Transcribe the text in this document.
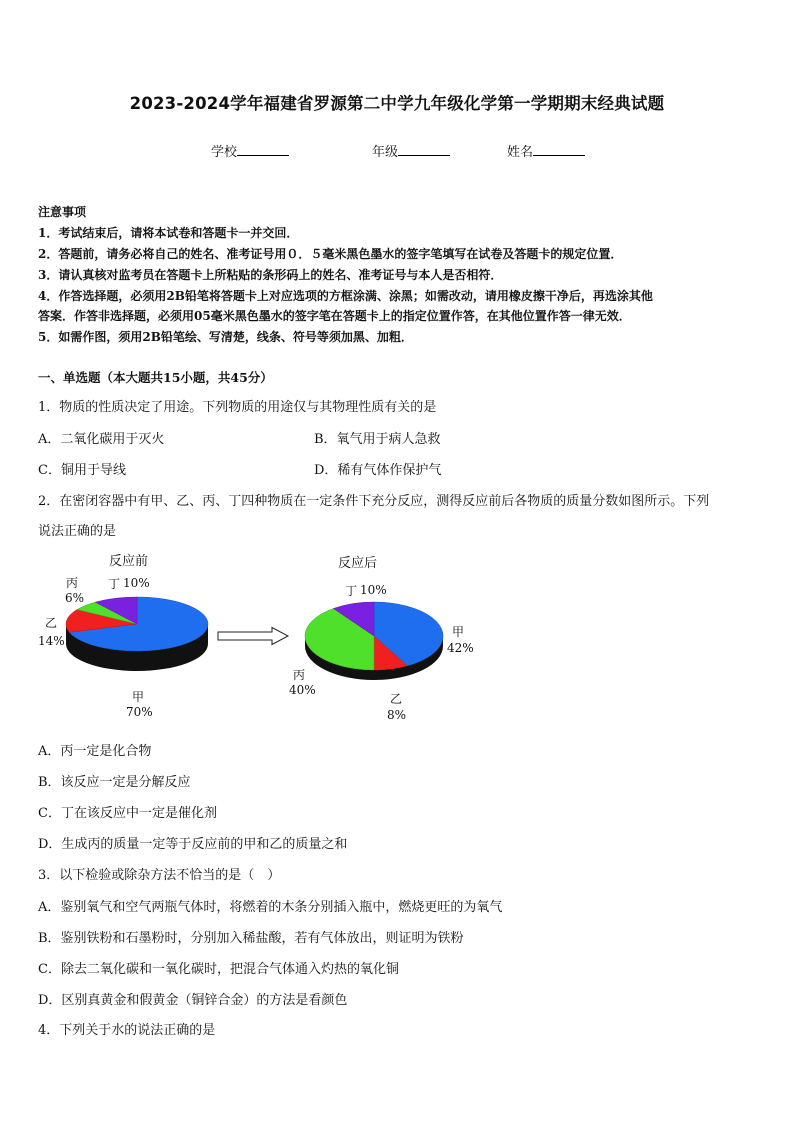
2023-2024学年福建省罗源第二中学九年级化学第一学期期末经典试题
学校	年级	姓名
注意事项
1．考试结束后，请将本试卷和答题卡一并交回．
2．答题前，请务必将自己的姓名、准考证号用０．５毫米黑色墨水的签字笔填写在试卷及答题卡的规定位置．
3．请认真核对监考员在答题卡上所粘贴的条形码上的姓名、准考证号与本人是否相符．
4．作答选择题，必须用2B铅笔将答题卡上对应选项的方框涂满、涂黑；如需改动，请用橡皮擦干净后，再选涂其他
答案．作答非选择题，必须用05毫米黑色墨水的签字笔在答题卡上的指定位置作答，在其他位置作答一律无效．
5．如需作图，须用2B铅笔绘、写清楚，线条、符号等须加黑、加粗．
一、单选题（本大题共15小题，共45分）
1．物质的性质决定了用途。下列物质的用途仅与其物理性质有关的是
A．二氧化碳用于灭火	B．氧气用于病人急救
C．铜用于导线	D．稀有气体作保护气
2．在密闭容器中有甲、乙、丙、丁四种物质在一定条件下充分反应，测得反应前后各物质的质量分数如图所示。下列
说法正确的是
反应前	反应后
丙
6%
丁 10%
乙
14%
甲
70%
丁 10%
甲
42%
丙
40%
乙
8%
A．丙一定是化合物
B．该反应一定是分解反应
C．丁在该反应中一定是催化剂
D．生成丙的质量一定等于反应前的甲和乙的质量之和
3．以下检验或除杂方法不恰当的是（　）
A．鉴别氧气和空气两瓶气体时，将燃着的木条分别插入瓶中，燃烧更旺的为氧气
B．鉴别铁粉和石墨粉时，分别加入稀盐酸，若有气体放出，则证明为铁粉
C．除去二氧化碳和一氧化碳时，把混合气体通入灼热的氧化铜
D．区别真黄金和假黄金（铜锌合金）的方法是看颜色
4．下列关于水的说法正确的是
